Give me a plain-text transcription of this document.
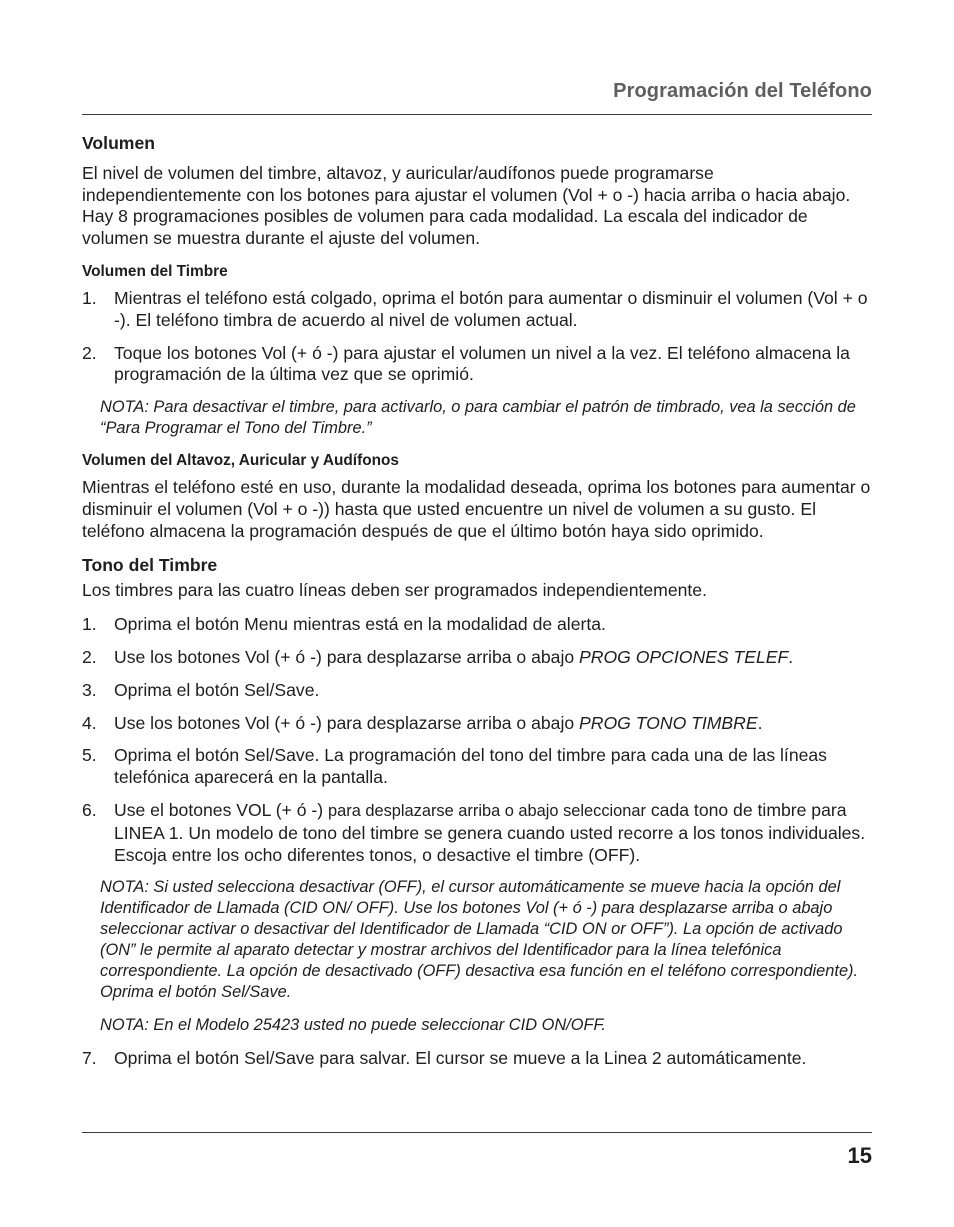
Programación del Teléfono
Volumen

El nivel de volumen del timbre, altavoz, y auricular/audífonos puede programarse independientemente con los botones para ajustar el volumen (Vol + o -) hacia arriba o hacia abajo. Hay 8 programaciones posibles de volumen para cada modalidad. La escala del indicador de volumen se muestra durante el ajuste del volumen.

Volumen del Timbre
1. Mientras el teléfono está colgado, oprima el botón para aumentar o disminuir el volumen (Vol + o -). El teléfono timbra de acuerdo al nivel de volumen actual.
2. Toque los botones Vol (+ ó -) para ajustar el volumen un nivel a la vez. El teléfono almacena la programación de la última vez que se oprimió.

NOTA: Para desactivar el timbre, para activarlo, o para cambiar el patrón de timbrado, vea la sección de “Para Programar el Tono del Timbre.”

Volumen del Altavoz, Auricular y Audífonos

Mientras el teléfono esté en uso, durante la modalidad deseada, oprima los botones para aumentar o disminuir el volumen (Vol + o -)) hasta que usted encuentre un nivel de volumen a su gusto. El teléfono almacena la programación después de que el último botón haya sido oprimido.

Tono del Timbre

Los timbres para las cuatro líneas deben ser programados independientemente.

1. Oprima el botón Menu mientras está en la modalidad de alerta.
2. Use los botones Vol (+ ó -) para desplazarse arriba o abajo PROG OPCIONES TELEF.
3. Oprima el botón Sel/Save.
4. Use los botones Vol (+ ó -) para desplazarse arriba o abajo PROG TONO TIMBRE.
5. Oprima el botón Sel/Save. La programación del tono del timbre para cada una de las líneas telefónica aparecerá en la pantalla.
6. Use el botones VOL (+ ó -) para desplazarse arriba o abajo seleccionar cada tono de timbre para LINEA 1. Un modelo de tono del timbre se genera cuando usted recorre a los tonos individuales. Escoja entre los ocho diferentes tonos, o desactive el timbre (OFF).

NOTA: Si usted selecciona desactivar (OFF), el cursor automáticamente se mueve hacia la opción del Identificador de Llamada (CID ON/ OFF). Use los botones Vol (+ ó -) para desplazarse arriba o abajo seleccionar activar o desactivar del Identificador de Llamada “CID ON or OFF”). La opción de activado (ON” le permite al aparato detectar y mostrar archivos del Identificador para la línea telefónica correspondiente. La opción de desactivado (OFF) desactiva esa función en el teléfono correspondiente). Oprima el botón Sel/Save.

NOTA: En el Modelo 25423 usted no puede seleccionar CID ON/OFF.

7. Oprima el botón Sel/Save para salvar. El cursor se mueve a la Linea 2 automáticamente.
15
